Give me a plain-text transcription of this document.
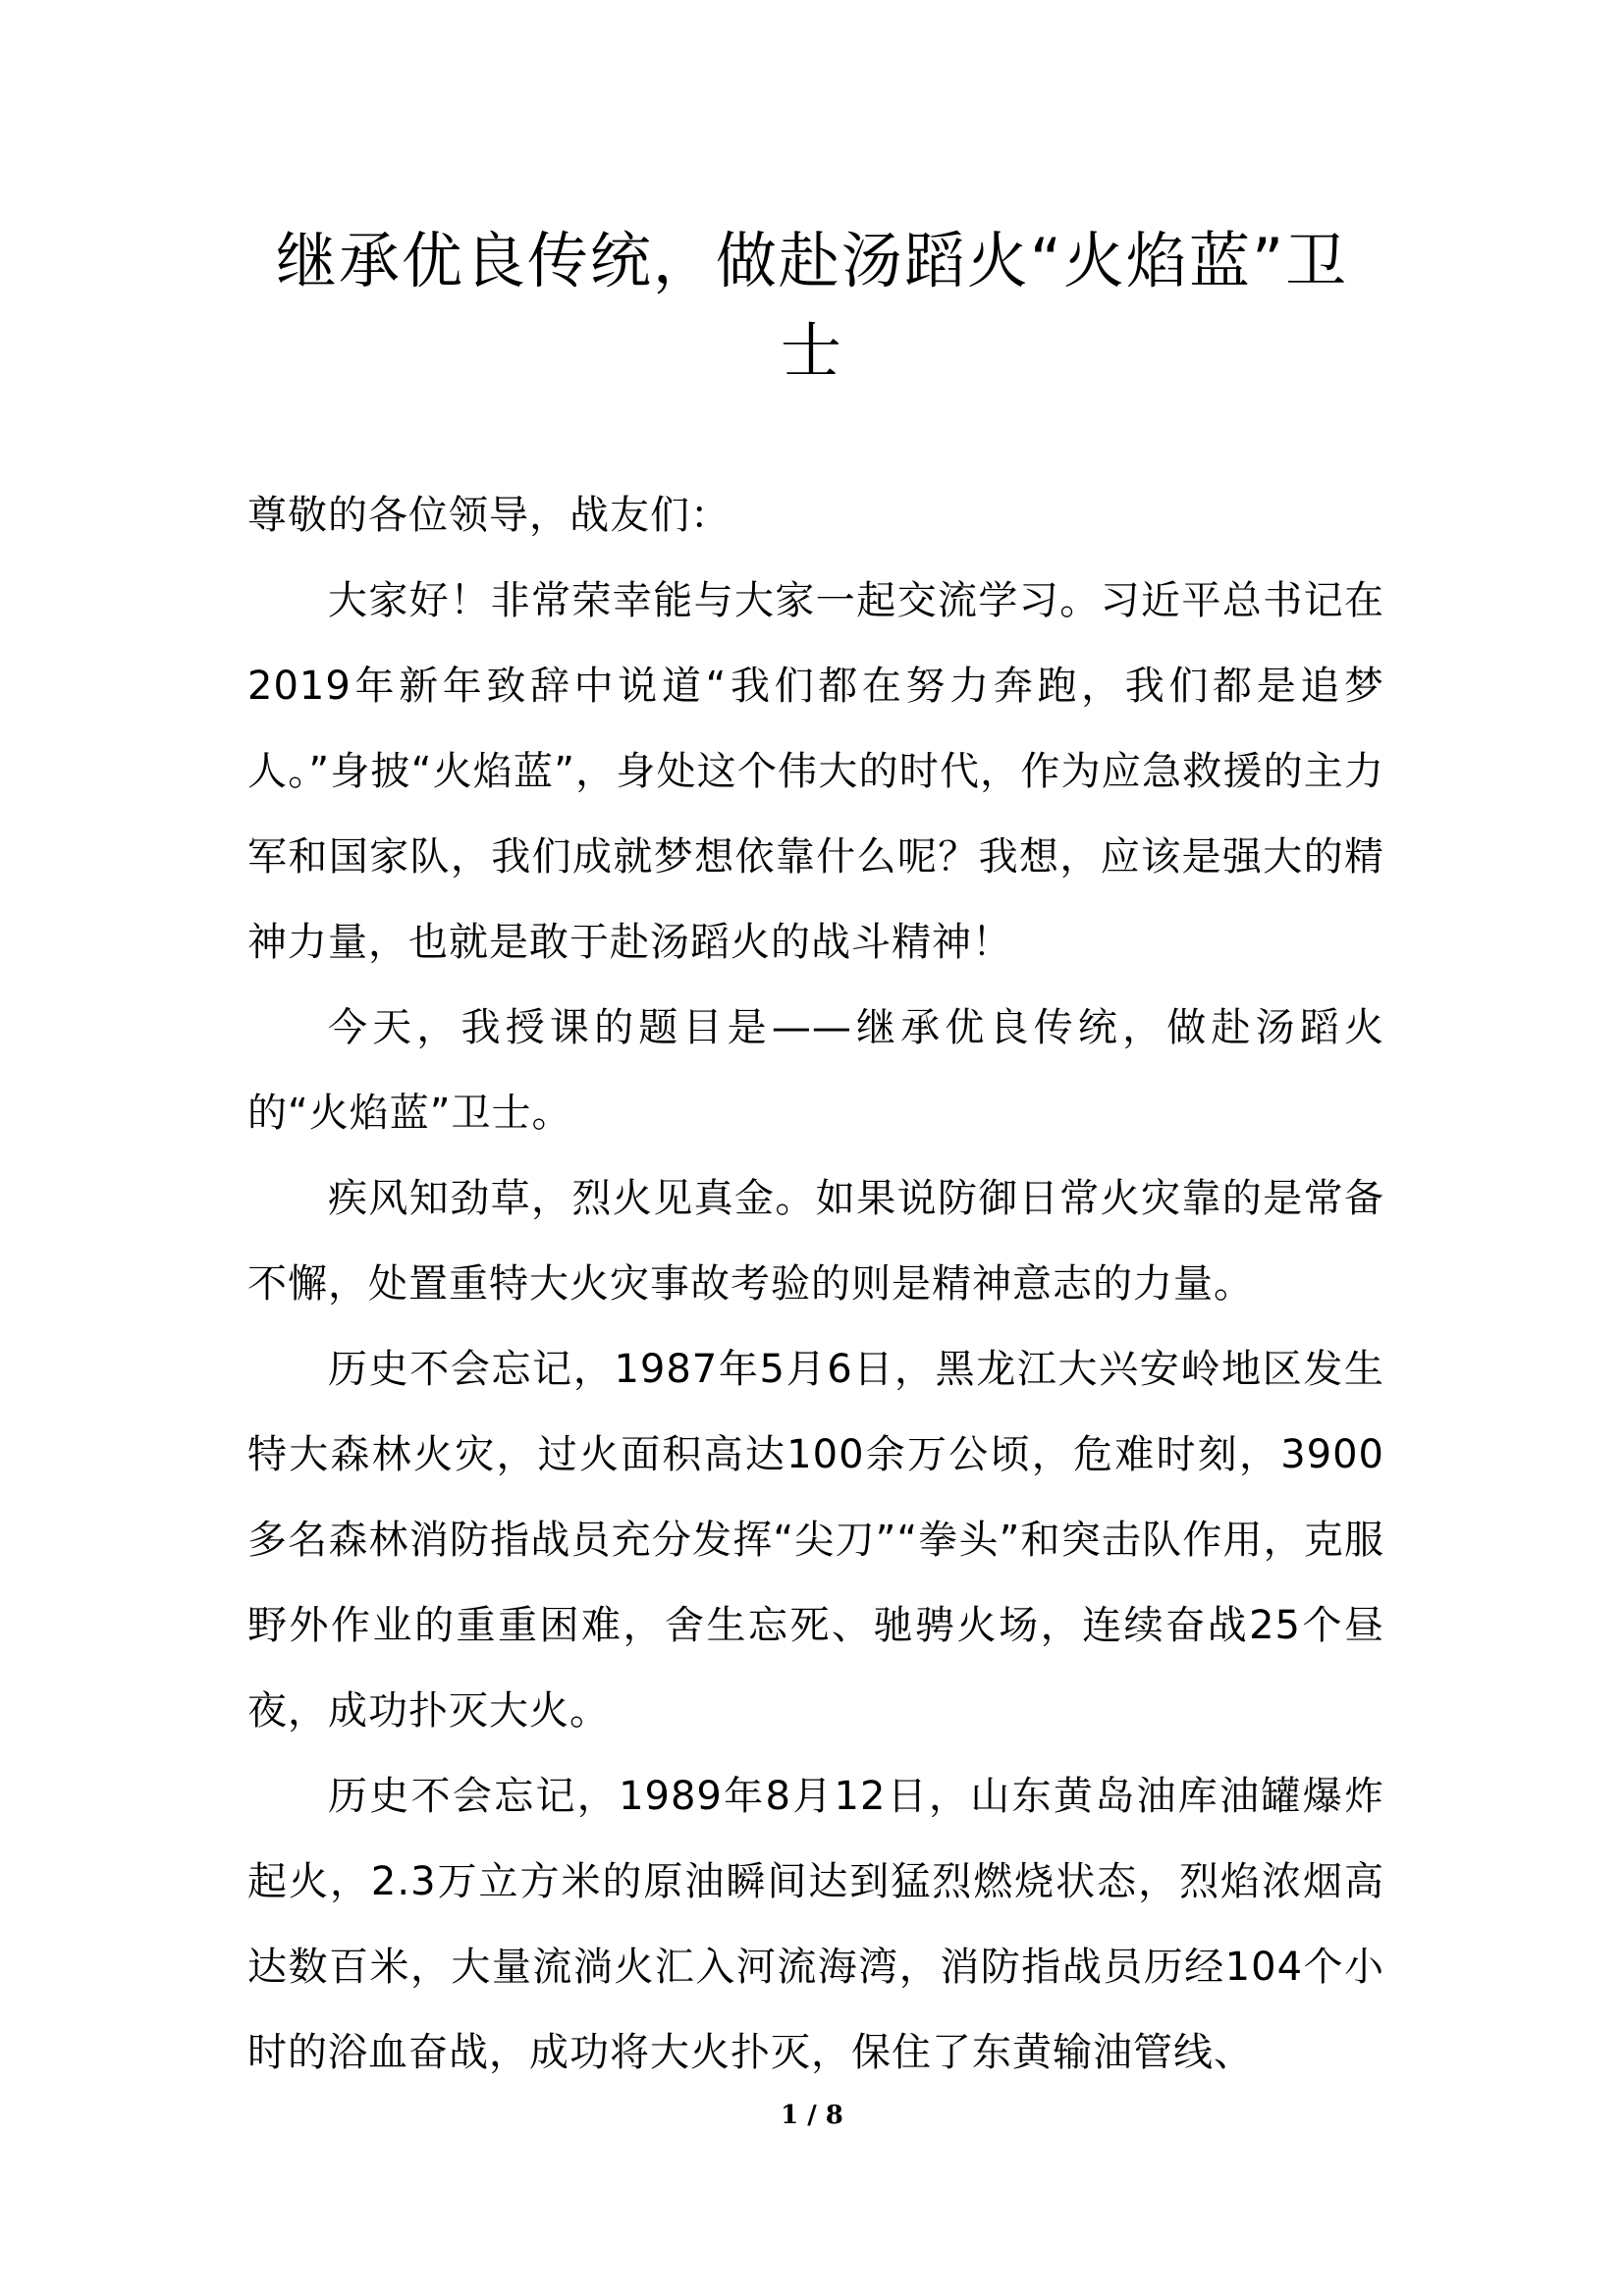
继承优良传统，做赴汤蹈火“火焰蓝”卫士

尊敬的各位领导，战友们：

大家好！非常荣幸能与大家一起交流学习。习近平总书记在2019年新年致辞中说道“我们都在努力奔跑，我们都是追梦人。”身披“火焰蓝”，身处这个伟大的时代，作为应急救援的主力军和国家队，我们成就梦想依靠什么呢？我想，应该是强大的精神力量，也就是敢于赴汤蹈火的战斗精神！

今天，我授课的题目是——继承优良传统，做赴汤蹈火的“火焰蓝”卫士。

疾风知劲草，烈火见真金。如果说防御日常火灾靠的是常备不懈，处置重特大火灾事故考验的则是精神意志的力量。

历史不会忘记，1987年5月6日，黑龙江大兴安岭地区发生特大森林火灾，过火面积高达100余万公顷，危难时刻，3900多名森林消防指战员充分发挥“尖刀”“拳头”和突击队作用，克服野外作业的重重困难，舍生忘死、驰骋火场，连续奋战25个昼夜，成功扑灭大火。

历史不会忘记，1989年8月12日，山东黄岛油库油罐爆炸起火，2.3万立方米的原油瞬间达到猛烈燃烧状态，烈焰浓烟高达数百米，大量流淌火汇入河流海湾，消防指战员历经104个小时的浴血奋战，成功将大火扑灭，保住了东黄输油管线、

1 / 8
